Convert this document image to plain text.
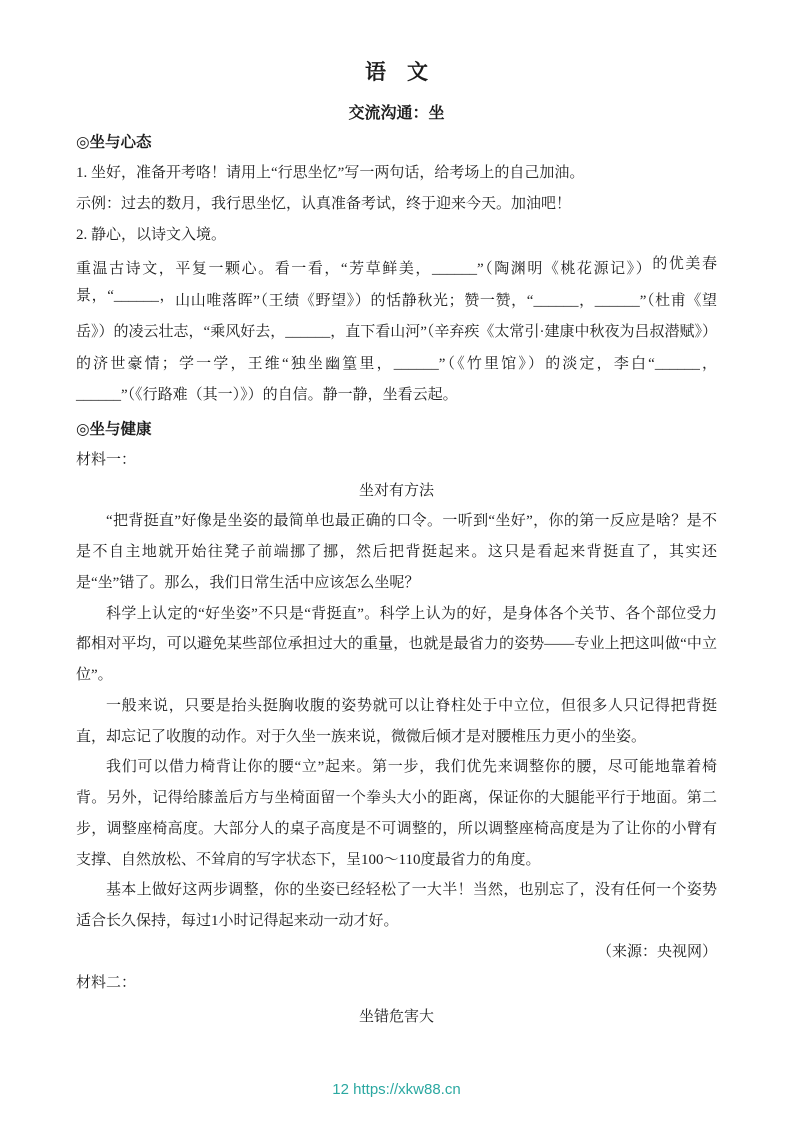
语　文
交流沟通：坐
◎坐与心态

1. 坐好，准备开考咯！请用上“行思坐忆”写一两句话，给考场上的自己加油。

示例：过去的数月，我行思坐忆，认真准备考试，终于迎来今天。加油吧！

2. 静心，以诗文入境。

重温古诗文，平复一颗心。看一看，“芳草鲜美，______”（陶渊明《桃花源记》）的优美春景，“______，山山唯落晖”（王绩《野望》）的恬静秋光；赞一赞，“______，______”（杜甫《望岳》）的凌云壮志，“乘风好去，______，直下看山河”（辛弃疾《太常引·建康中秋夜为吕叔潜赋》）的济世豪情；学一学，王维“独坐幽篁里，______”（《竹里馆》）的淡定，李白“______，______”（《行路难（其一）》）的自信。静一静，坐看云起。

◎坐与健康

材料一：

坐对有方法

“把背挺直”好像是坐姿的最简单也最正确的口令。一听到“坐好”，你的第一反应是啥？是不是不自主地就开始往凳子前端挪了挪，然后把背挺起来。这只是看起来背挺直了，其实还是“坐”错了。那么，我们日常生活中应该怎么坐呢？

科学上认定的“好坐姿”不只是“背挺直”。科学上认为的好，是身体各个关节、各个部位受力都相对平均，可以避免某些部位承担过大的重量，也就是最省力的姿势——专业上把这叫做“中立位”。

一般来说，只要是抬头挺胸收腹的姿势就可以让脊柱处于中立位，但很多人只记得把背挺直，却忘记了收腹的动作。对于久坐一族来说，微微后倾才是对腰椎压力更小的坐姿。

我们可以借力椅背让你的腰“立”起来。第一步，我们优先来调整你的腰，尽可能地靠着椅背。另外，记得给膝盖后方与坐椅面留一个拳头大小的距离，保证你的大腿能平行于地面。第二步，调整座椅高度。大部分人的桌子高度是不可调整的，所以调整座椅高度是为了让你的小臂有支撑、自然放松、不耸肩的写字状态下，呈100～110度最省力的角度。

基本上做好这两步调整，你的坐姿已经轻松了一大半！当然，也别忘了，没有任何一个姿势适合长久保持，每过1小时记得起来动一动才好。

（来源：央视网）

材料二：

坐错危害大

12 https://xkw88.cn
